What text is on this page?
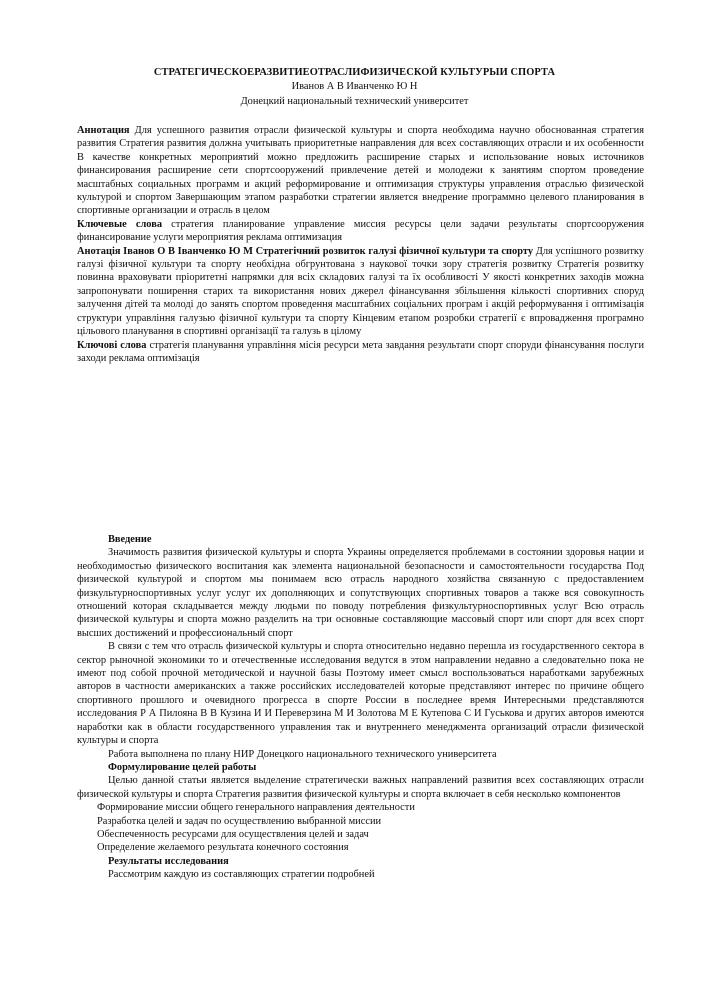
СТРАТЕГИЧЕСКОЕРАЗВИТИЕОТРАСЛИФИЗИЧЕСКОЙ КУЛЬТУРЫИ СПОРТА
Иванов А В Иванченко Ю Н
Донецкий национальный технический университет

Аннотация Для успешного развития отрасли физической культуры и спорта необходима научно обоснованная стратегия развития Стратегия развития должна учитывать приоритетные направления для всех составляющих отрасли и их особенности В качестве конкретных мероприятий можно предложить расширение старых и использование новых источников финансирования расширение сети спортсооружений привлечение детей и молодежи к занятиям спортом проведение масштабных социальных программ и акций реформирование и оптимизация структуры управления отраслью физической культурой и спортом Завершающим этапом разработки стратегии является внедрение программно целевого планирования в спортивные организации и отрасль в целом

Ключевые слова стратегия планирование управление миссия ресурсы цели задачи результаты спортсооружения финансирование услуги мероприятия реклама оптимизация

Анотація Іванов О В Іванченко Ю М Стратегічний розвиток галузі фізичної культури та спорту Для успішного розвитку галузі фізичної культури та спорту необхідна обгрунтована з наукової точки зору стратегія розвитку Стратегія розвитку повинна враховувати пріоритетні напрямки для всіх складових галузі та їх особливості У якості конкретних заходів можна запропонувати поширення старих та використання нових джерел фінансування збільшення кількості спортивних споруд залучення дітей та молоді до занять спортом проведення масштабних соціальних програм і акцій реформування і оптимізація структури управління галузью фізичної культури та спорту Кінцевим етапом розробки стратегії є впровадження програмно цільового планування в спортивні організації та галузь в цілому

Ключові слова стратегія планування управління місія ресурси мета завдання результати спорт споруди фінансування послуги заходи реклама оптимізація

Введение

Значимость развития физической культуры и спорта Украины определяется проблемами в состоянии здоровья нации и необходимостью физического воспитания как элемента национальной безопасности и самостоятельности государства Под физической культурой и спортом мы понимаем всю отрасль народного хозяйства связанную с предоставлением физкультурноспортивных услуг услуг их дополняющих и сопутствующих спортивных товаров а также вся совокупность отношений которая складывается между людьми по поводу потребления физкультурноспортивных услуг Всю отрасль физической культуры и спорта можно разделить на три основные составляющие массовый спорт или спорт для всех спорт высших достижений и профессиональный спорт

В связи с тем что отрасль физической культуры и спорта относительно недавно перешла из государственного сектора в сектор рыночной экономики то и отечественные исследования ведутся в этом направлении недавно а следовательно пока не имеют под собой прочной методической и научной базы Поэтому имеет смысл воспользоваться наработками зарубежных авторов в частности американских а также российских исследователей которые представляют интерес по причине общего спортивного прошлого и очевидного прогресса в спорте России в последнее время Интересными представляются исследования Р А Пилояна В В Кузина И И Переверзина М И Золотова М Е Кутепова С И Гуськова и других авторов имеются наработки как в области государственного управления так и внутреннего менеджмента организаций отрасли физической культуры и спорта

Работа выполнена по плану НИР Донецкого национального технического университета

Формулирование целей работы

Целью данной статьи является выделение стратегически важных направлений развития всех составляющих отрасли физической культуры и спорта Стратегия развития физической культуры и спорта включает в себя несколько компонентов

Формирование миссии общего генерального направления деятельности

Разработка целей и задач по осуществлению выбранной миссии

Обеспеченность ресурсами для осуществления целей и задач

Определение желаемого результата конечного состояния

Результаты исследования

Рассмотрим каждую из составляющих стратегии подробней
